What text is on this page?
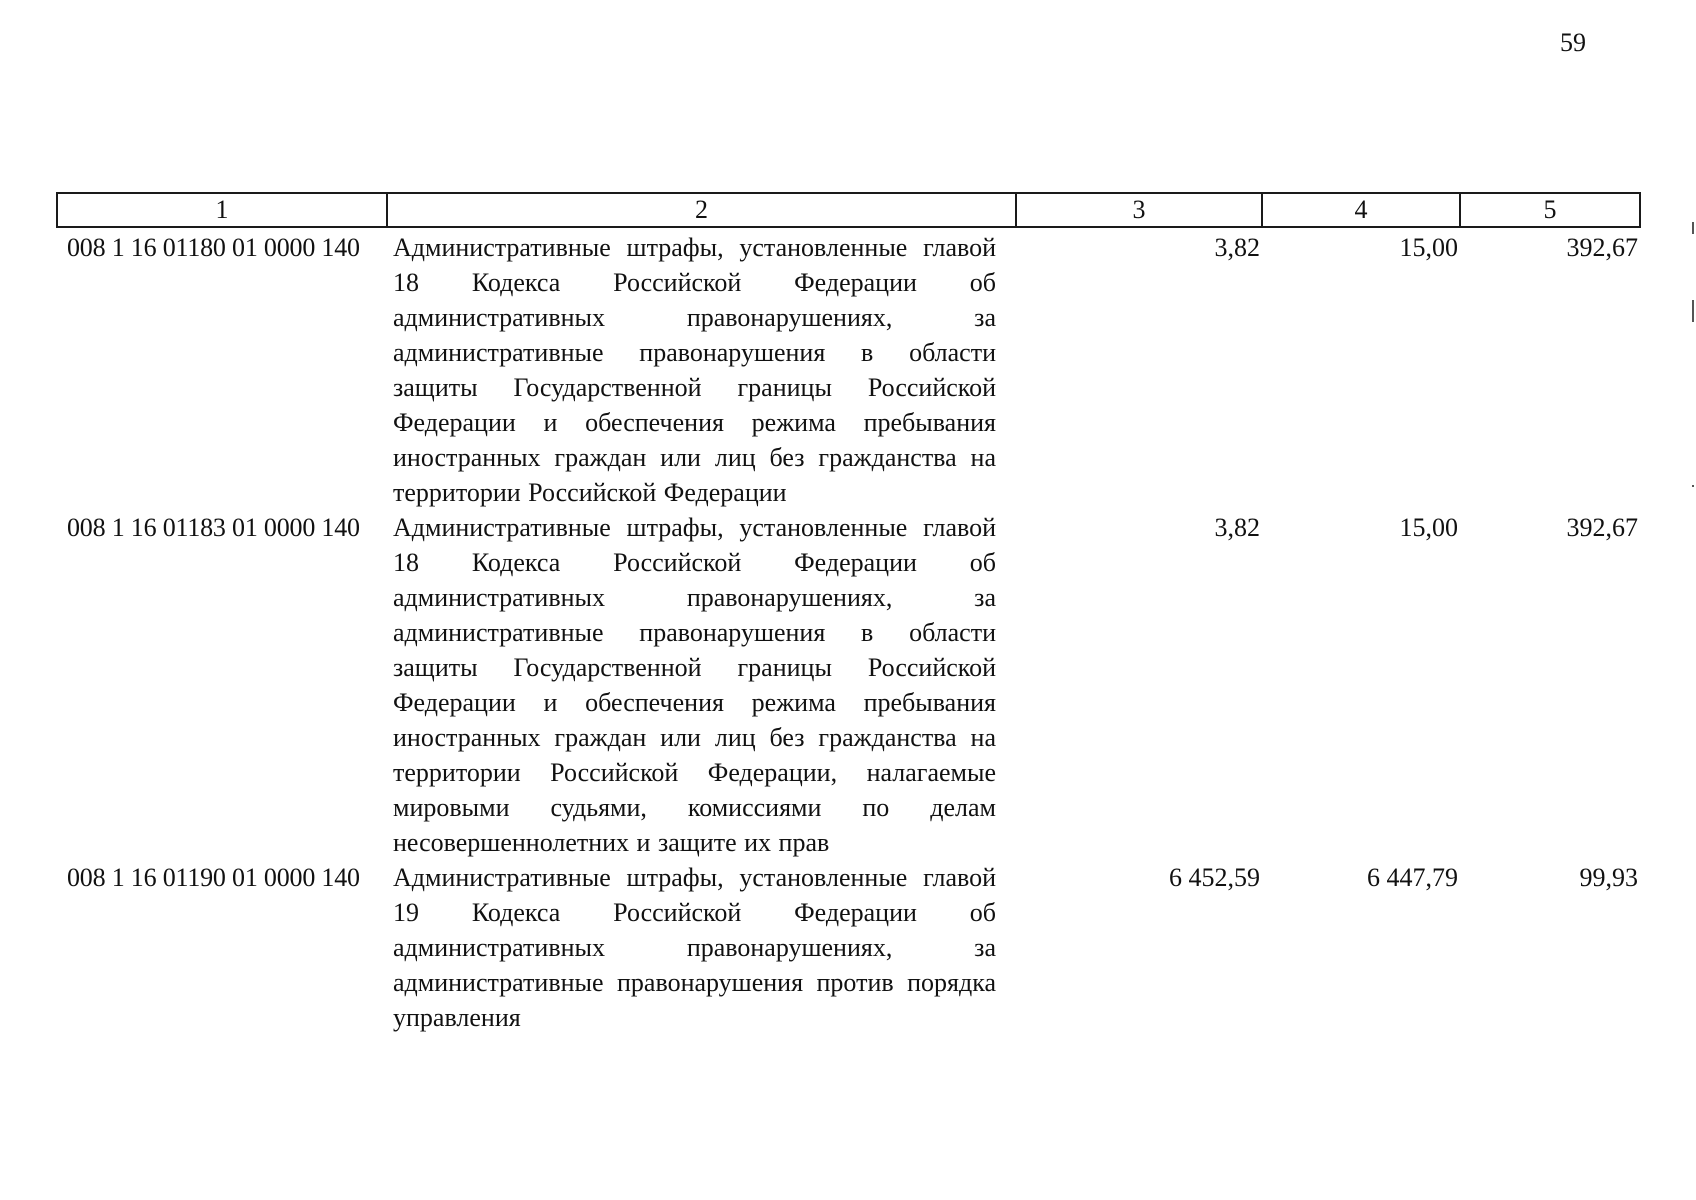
59
1	2	3	4	5
008 1 16 01180 01 0000 140	Административные штрафы, установленные главой 18 Кодекса Российской Федерации об административных правонарушениях, за административные правонарушения в области защиты Государственной границы Российской Федерации и обеспечения режима пребывания иностранных граждан или лиц без гражданства на территории Российской Федерации	3,82	15,00	392,67
008 1 16 01183 01 0000 140	Административные штрафы, установленные главой 18 Кодекса Российской Федерации об административных правонарушениях, за административные правонарушения в области защиты Государственной границы Российской Федерации и обеспечения режима пребывания иностранных граждан или лиц без гражданства на территории Российской Федерации, налагаемые мировыми судьями, комиссиями по делам несовершеннолетних и защите их прав	3,82	15,00	392,67
008 1 16 01190 01 0000 140	Административные штрафы, установленные главой 19 Кодекса Российской Федерации об административных правонарушениях, за административные правонарушения против порядка управления	6 452,59	6 447,79	99,93
